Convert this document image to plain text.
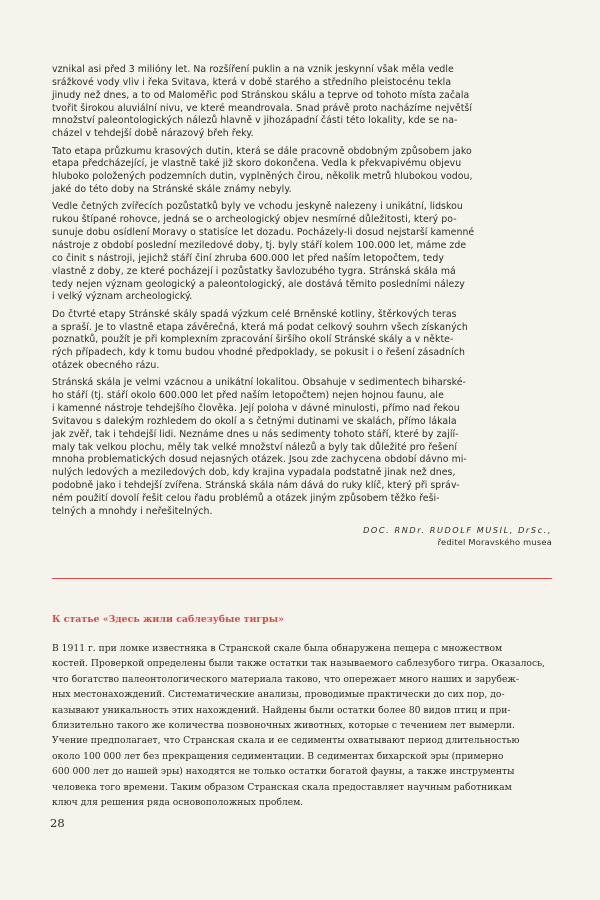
vznikal asi před 3 milióny let. Na rozšíření puklin a na vznik jeskynní však měla vedle
srážkové vody vliv i řeka Svitava, která v době starého a středního pleistocénu tekla
jinudy než dnes, a to od Maloměřic pod Stránskou skálu a teprve od tohoto místa začala
tvořit širokou aluviální nivu, ve které meandrovala. Snad právě proto nacházíme největší
množství paleontologických nálezů hlavně v jihozápadní části této lokality, kde se na-
cházel v tehdejší době nárazový břeh řeky.

Tato etapa průzkumu krasových dutin, která se dále pracovně obdobným způsobem jako
etapa předcházející, je vlastně také již skoro dokončena. Vedla k překvapivému objevu
hluboko položených podzemních dutin, vyplněných čirou, několik metrů hlubokou vodou,
jaké do této doby na Stránské skále známy nebyly.

Vedle četných zvířecích pozůstatků byly ve vchodu jeskyně nalezeny i unikátní, lidskou
rukou štípané rohovce, jedná se o archeologický objev nesmírné důležitosti, který po-
sunuje dobu osídlení Moravy o statisíce let dozadu. Pocházely-li dosud nejstarší kamenné
nástroje z období poslední meziledové doby, tj. byly stáří kolem 100.000 let, máme zde
co činit s nástroji, jejichž stáří činí zhruba 600.000 let před naším letopočtem, tedy
vlastně z doby, ze které pocházejí i pozůstatky šavlozubého tygra. Stránská skála má
tedy nejen význam geologický a paleontologický, ale dostává těmito posledními nálezy
i velký význam archeologický.

Do čtvrté etapy Stránské skály spadá výzkum celé Brněnské kotliny, štěrkových teras
a spraší. Je to vlastně etapa závěrečná, která má podat celkový souhrn všech získaných
poznatků, použít je při komplexním zpracování širšího okolí Stránské skály a v někte-
rých případech, kdy k tomu budou vhodné předpoklady, se pokusit i o řešení zásadních
otázek obecného rázu.

Stránská skála je velmi vzácnou a unikátní lokalitou. Obsahuje v sedimentech biharské-
ho stáří (tj. stáří okolo 600.000 let před naším letopočtem) nejen hojnou faunu, ale
i kamenné nástroje tehdejšího člověka. Její poloha v dávné minulosti, přímo nad řekou
Svitavou s dalekým rozhledem do okolí a s četnými dutinami ve skalách, přímo lákala
jak zvěř, tak i tehdejší lidi. Neznáme dnes u nás sedimenty tohoto stáří, které by zajíí-
maly tak velkou plochu, měly tak velké množství nálezů a byly tak důležité pro řešení
mnoha problematických dosud nejasných otázek. Jsou zde zachycena období dávno mi-
nulých ledových a meziledových dob, kdy krajina vypadala podstatně jinak než dnes,
podobně jako i tehdejší zvířena. Stránská skála nám dává do ruky klíč, který při správ-
ném použití dovolí řešit celou řadu problémů a otázek jiným způsobem těžko řeši-
telných a mnohdy i neřešitelných.

DOC. RNDr. RUDOLF MUSIL, DrSc.,
ředitel Moravského musea

К статье «Здесь жили саблезубые тигры»

В 1911 г. при ломке известняка в Странской скале была обнаружена пещера с множеством
костей. Проверкой определены были также остатки так называемого саблезубого тигра. Оказалось,
что богатство палеонтологического материала таково, что опережает много наших и зарубеж-
ных местонахождений. Систематические анализы, проводимые практически до сих пор, до-
казывают уникальность этих нахождений. Найдены были остатки более 80 видов птиц и при-
близительно такого же количества позвоночных животных, которые с течением лет вымерли.
Учение предполагает, что Странская скала и ее седименты охватывают период длительностью
около 100 000 лет без прекращения седиментации. В седиментах бихарской эры (примерно
600 000 лет до нашей эры) находятся не только остатки богатой фауны, а также инструменты
человека того времени. Таким образом Странская скала предоставляет научным работникам
ключ для решения ряда основоположных проблем.

28
